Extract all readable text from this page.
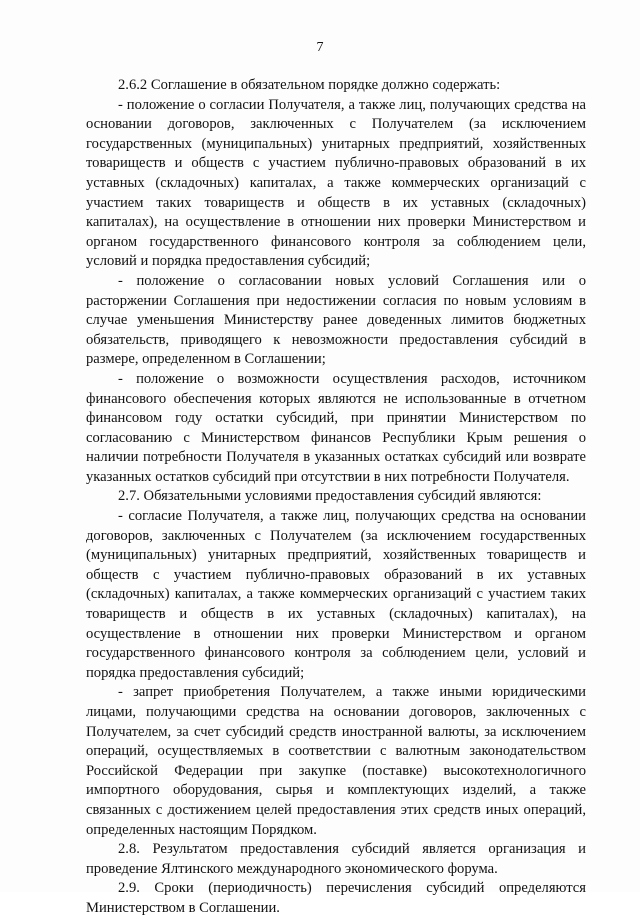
7

2.6.2 Соглашение в обязательном порядке должно содержать:

- положение о согласии Получателя, а также лиц, получающих средства на основании договоров, заключенных с Получателем (за исключением государственных (муниципальных) унитарных предприятий, хозяйственных товариществ и обществ с участием публично-правовых образований в их уставных (складочных) капиталах, а также коммерческих организаций с участием таких товариществ и обществ в их уставных (складочных) капиталах), на осуществление в отношении них проверки Министерством и органом государственного финансового контроля за соблюдением цели, условий и порядка предоставления субсидий;

- положение о согласовании новых условий Соглашения или о расторжении Соглашения при недостижении согласия по новым условиям в случае уменьшения Министерству ранее доведенных лимитов бюджетных обязательств, приводящего к невозможности предоставления субсидий в размере, определенном в Соглашении;

- положение о возможности осуществления расходов, источником финансового обеспечения которых являются не использованные в отчетном финансовом году остатки субсидий, при принятии Министерством по согласованию с Министерством финансов Республики Крым решения о наличии потребности Получателя в указанных остатках субсидий или возврате указанных остатков субсидий при отсутствии в них потребности Получателя.

2.7. Обязательными условиями предоставления субсидий являются:

- согласие Получателя, а также лиц, получающих средства на основании договоров, заключенных с Получателем (за исключением государственных (муниципальных) унитарных предприятий, хозяйственных товариществ и обществ с участием публично-правовых образований в их уставных (складочных) капиталах, а также коммерческих организаций с участием таких товариществ и обществ в их уставных (складочных) капиталах), на осуществление в отношении них проверки Министерством и органом государственного финансового контроля за соблюдением цели, условий и порядка предоставления субсидий;

- запрет приобретения Получателем, а также иными юридическими лицами, получающими средства на основании договоров, заключенных с Получателем, за счет субсидий средств иностранной валюты, за исключением операций, осуществляемых в соответствии с валютным законодательством Российской Федерации при закупке (поставке) высокотехнологичного импортного оборудования, сырья и комплектующих изделий, а также связанных с достижением целей предоставления этих средств иных операций, определенных настоящим Порядком.

2.8. Результатом предоставления субсидий является организация и проведение Ялтинского международного экономического форума.

2.9. Сроки (периодичность) перечисления субсидий определяются Министерством в Соглашении.
